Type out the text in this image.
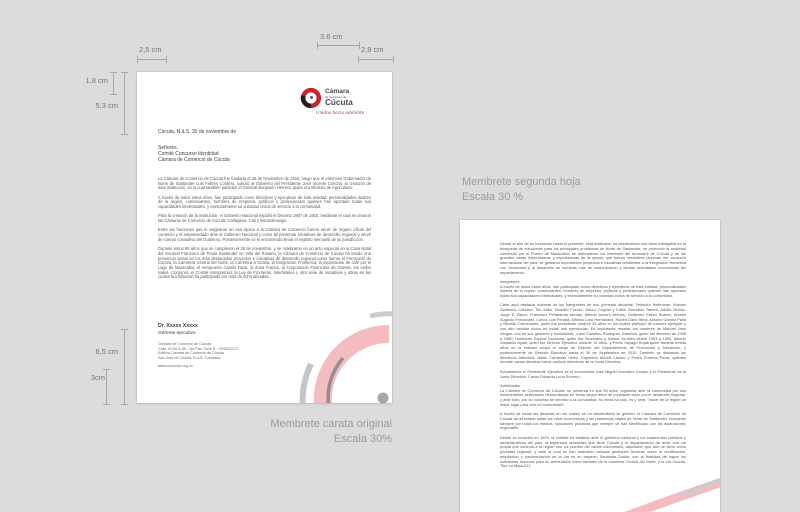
2,5 cm
3.6 cm
2,9 cm
1.8 cm
5,3 cm
6,5 cm
3cm
Cámara
de Comercio de
Cúcuta
Unidos hacia adelante
Cúcuta, N.d.S. 30 de noviembre de
Señores,
Comité Concurso Identidad
Cámara de Comercio de Cúcuta

La Cámara de Comercio de Cúcuta fue fundada el 26 de Noviembre de 1915, luego que el entonces Gobernador de Norte de Santander Luis Febres Cordero, solicitó al Gobierno del Presidente José Vicente Concha, la creación de ésta institución, en la cual también participó el General Benjamín Herrera, quien era Ministro de Agricultura.

A través de todos éstos años, han participado como directivos y ejecutivos de ésta entidad, personalidades ilustres de la región, comerciantes, hombres de empresa, políticos y profesionales quienes han aportado todas sus capacidades intelectuales, y esencialmente su voluntad cívica de servicio a la comunidad.

Para la creación de la institución, el Gobierno Nacional expidió el Decreto 1807 de 1915, mediante el cual se crearon las Cámaras de Comercio de Cúcuta, Cartagena, Cali y Bucaramanga.

Entre las funciones que le asignaron en esa época a la Cámara de Comercio fueron servir de órgano oficial del comercio y el empresariado ante el Gobierno Nacional y como tal presentar iniciativas de desarrollo regional y servir de cuerpo consultivo del Gobierno. Posteriormente se le encomendó llevar el registro mercantil de su jurisdicción.

Durante éstos 95 años que se cumplieron el 26 de noviembre, y se celebraron en un acto especial en la Casa Natal del General Francisco de Paula Santander en Villa del Rosario, la Cámara de Comercio de Cúcuta ha tenido una presencia activa en los más destacados proyectos e iniciativas de desarrollo regional como fueron el Ferrocarril de Cúcuta, la Carretera Central del Norte, la Carretera a Ocaña, la Integración Fronteriza, la exportación de café por el Lago de Maracaibo, el Aeropuerto Camilo Daza, la Zona Franca, la Corporación Financiera de Oriente, los sellos viales, Corponor, el Comité Intergremial, la Ley de Fronteras, Interfisteles y otra serie de iniciativas y obras en las cuales la institución ha participado por más de ocho décadas.

Dr. Xxxxx Xxxxx
Gerente ejecutivo
Cámara de Comercio de Cúcuta
Calle 10 No 4-38 - 1er Piso Torre B - CINDOCCC
Edificio Cámara de Comercio de Cúcuta
San José de Cúcuta, N.d.S. Colombia
www.cccucuta.org.co
Membrete carata original
Escala 30%

Desde el año de su fundación hasta el presente, esta institución ha desarrollado una labor infatigable en la búsqueda de soluciones para los principales problemas de Norte de Santander; se promovió la actividad comercial por el Puerto de Maracaibo; se defendieron los intereses del ferrocarril de Cúcuta y de las grandes casas importadoras y exportadoras de la época, que fueron verdadera pioneras del comercio internacional del país; se gestaron importantes proyectos e iniciativas tendientes a la integración fronteriza con Venezuela y al desarrollo de nuestras vías de comunicación y demás actividades económicas del departamento.

Integrantes

A través de todos éstos años, han participado como directivos y ejecutivos de ésta entidad, personalidades ilustres de la región, comerciantes, hombres de empresa, políticos y profesionales quienes han aportado todas sus capacidades intelectuales, y esencialmente su voluntad cívica de servicio a la comunidad.

Cabe aquí destacar además de los integrantes de sus primeras décadas: Federico Hellerman, Manuel Guillermo Cabrera, Tito Abbo, Rodolfo Faccini, Arturo Cogollo y Fabio González Tabera, Adolfo Muñoz, Jorge E. Barco, Francisco Peñaranda Arenas, Alfredo Acuero Arenas, Guillermo Eliseo Suárez, Andrés Augusto Fernández, Carlos Luis Peralta, Alfonso Lara Hernández, Rubén Darío Illera, Antonio Gómez Plata y Nicolás Colmenares, quien fue presidente durante 35 años en los cuales participó de manera ejemplar y con alto sentido cívico en todas sus ejecutorias. Es importante resaltar los nombres de Manuel José Vargas, uno de sus gestores y fundadores, o don Faustino Rodríguez Gamboa, quien fue directivo de 1946 a 1960; Humberto Espinel Espinosa, quien fue Secretario y Asesor Jurídico desde 1963 a 1994, Alberto Santaella Ayala, quien fue Director Ejecutivo durante 19 años, y Pedro Sayago Rojas quien durante treinta años en la entidad ocupó el cargo de Director del Departamento de Promoción y Desarrollo, y posteriormente de Director Ejecutivo hasta el 30 de Septiembre de 2010. También se destacan los directivos fallecidos Jaime Cárdenas Vélez, Cayetano Morelli Lázaro y Pedro Entrena Parra, quienes durante varias décadas fueron activos miembros de la Junta Directiva.

Actualmente el Presidente Ejecutivo es el economista José Miguel González Campo y el Presidente de la Junta Directiva, Carlos Eduardo Luna Romero.

Actividades

La Cámara de Comercio de Cúcuta, se presenta en sus 95 años, orgullosa ante la comunidad por sus innumerables actividades desarrolladas en éstos largos años de constante labor por el desarrollo regional, y ante todo, por su voluntad de servicio a la comunidad. Su lema ha sido, es y será: "hacer de la región un mejor lugar para vivir en comunidad!".

A través de todas las décadas en las cuales se ha desarrollado su gestión, la Cámara de Comercio de Cúcuta ha afrontado todas las crisis económicas y los problemas vitales de Norte de Santander, buscando siempre por todos los medios, soluciones prácticas que siempre se han identificado con las aspiraciones regionales.

Desde su creación en 1915, la entidad ha insistido ante el gobierno nacional y los estamentos políticos y administrativos del país, la imperiosa necesidad que tiene Cúcuta y el departamento de tener una vía propia que conecta a la región con los puertos del caribe colombiano, aspiración que aún se tiene como prioridad regional, y ante la cual se han realizado valiosas gestiones técnicas sobre la rectificación, ampliación y pavimentación de la vía en su trayecto Sardinata-Ocaña, con la finalidad de lograr los suficientes recursos para su terminación como también de la carretera Central del Norte, y la vía Cúcuta-Tibú-La Mata-011.

Membrete segunda hoja
Escala 30 %
